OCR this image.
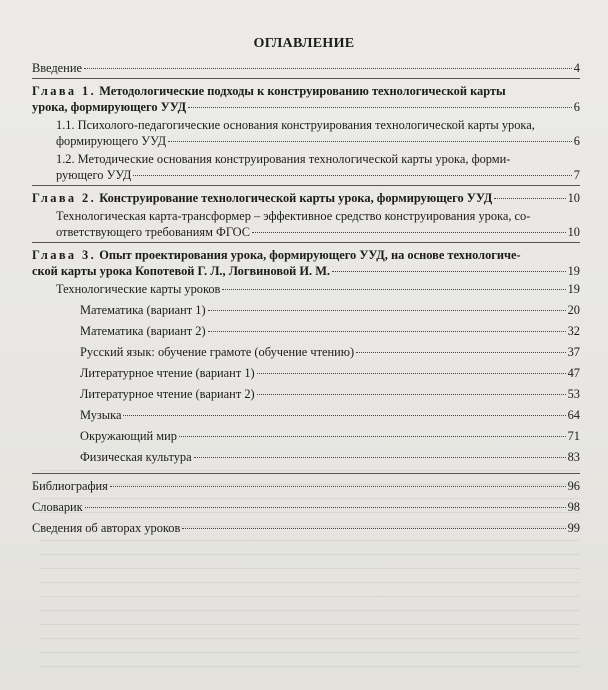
ОГЛАВЛЕНИЕ
Введение	4
Глава 1. Методологические подходы к конструированию технологической карты
урока, формирующего УУД	6
1.1. Психолого-педагогические основания конструирования технологической карты урока,
формирующего УУД	6
1.2. Методические основания конструирования технологической карты урока, форми-
рующего УУД	7
Глава 2. Конструирование технологической карты урока, формирующего УУД	10
Технологическая карта-трансформер – эффективное средство конструирования урока, со-
ответствующего требованиям ФГОС	10
Глава 3. Опыт проектирования урока, формирующего УУД, на основе технологиче-
ской карты урока Копотевой Г. Л., Логвиновой И. М.	19
Технологические карты уроков	19
Математика (вариант 1)	20
Математика (вариант 2)	32
Русский язык: обучение грамоте (обучение чтению)	37
Литературное чтение (вариант 1)	47
Литературное чтение (вариант 2)	53
Музыка	64
Окружающий мир	71
Физическая культура	83
Библиография	96
Словарик	98
Сведения об авторах уроков	99
